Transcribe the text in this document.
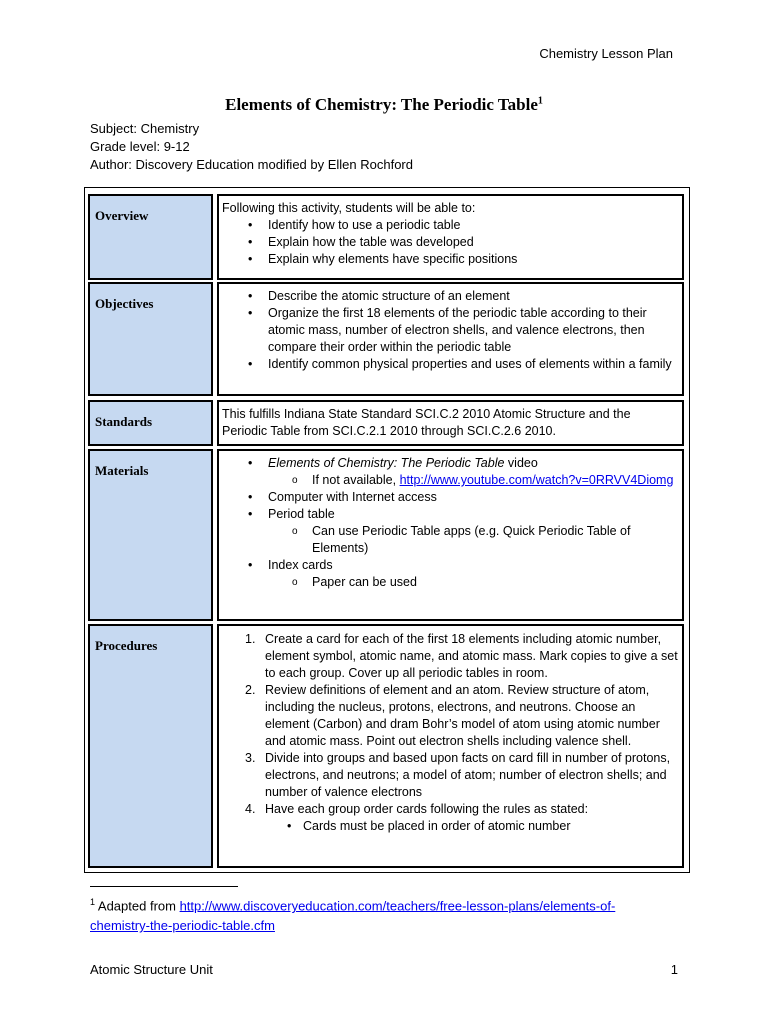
Chemistry Lesson Plan
Elements of Chemistry: The Periodic Table$^1$
Subject: Chemistry
Grade level: 9-12
Author: Discovery Education modified by Ellen Rochford
Overview	Following this activity, students will be able to:
• Identify how to use a periodic table
• Explain how the table was developed
• Explain why elements have specific positions
Objectives	• Describe the atomic structure of an element
• Organize the first 18 elements of the periodic table according to their atomic mass, number of electron shells, and valence electrons, then compare their order within the periodic table
• Identify common physical properties and uses of elements within a family
Standards	This fulfills Indiana State Standard SCI.C.2 2010 Atomic Structure and the Periodic Table from SCI.C.2.1 2010 through SCI.C.2.6 2010.
Materials	• Elements of Chemistry: The Periodic Table video
o If not available, http://www.youtube.com/watch?v=0RRVV4Diomg
• Computer with Internet access
• Period table
o Can use Periodic Table apps (e.g. Quick Periodic Table of Elements)
• Index cards
o Paper can be used
Procedures	1. Create a card for each of the first 18 elements including atomic number, element symbol, atomic name, and atomic mass. Mark copies to give a set to each group. Cover up all periodic tables in room.
2. Review definitions of element and an atom. Review structure of atom, including the nucleus, protons, electrons, and neutrons. Choose an element (Carbon) and dram Bohr’s model of atom using atomic number and atomic mass. Point out electron shells including valence shell.
3. Divide into groups and based upon facts on card fill in number of protons, electrons, and neutrons; a model of atom; number of electron shells; and number of valence electrons
4. Have each group order cards following the rules as stated:
• Cards must be placed in order of atomic number
$^1$ Adapted from http://www.discoveryeducation.com/teachers/free-lesson-plans/elements-of-chemistry-the-periodic-table.cfm
Atomic Structure Unit	1
